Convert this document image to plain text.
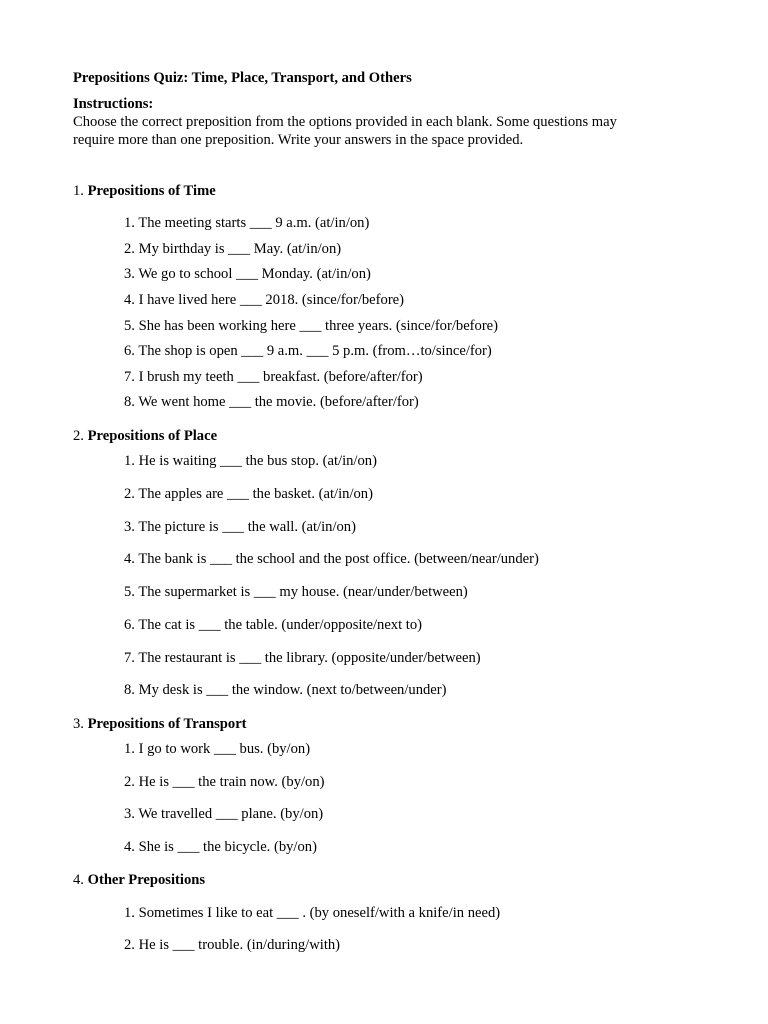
Prepositions Quiz: Time, Place, Transport, and Others
Instructions:
Choose the correct preposition from the options provided in each blank. Some questions may
require more than one preposition. Write your answers in the space provided.
1. Prepositions of Time
1. The meeting starts ___ 9 a.m. (at/in/on)
2. My birthday is ___ May. (at/in/on)
3. We go to school ___ Monday. (at/in/on)
4. I have lived here ___ 2018. (since/for/before)
5. She has been working here ___ three years. (since/for/before)
6. The shop is open ___ 9 a.m. ___ 5 p.m. (from…to/since/for)
7. I brush my teeth ___ breakfast. (before/after/for)
8. We went home ___ the movie. (before/after/for)
2. Prepositions of Place
1. He is waiting ___ the bus stop. (at/in/on)
2. The apples are ___ the basket. (at/in/on)
3. The picture is ___ the wall. (at/in/on)
4. The bank is ___ the school and the post office. (between/near/under)
5. The supermarket is ___ my house. (near/under/between)
6. The cat is ___ the table. (under/opposite/next to)
7. The restaurant is ___ the library. (opposite/under/between)
8. My desk is ___ the window. (next to/between/under)
3. Prepositions of Transport
1. I go to work ___ bus. (by/on)
2. He is ___ the train now. (by/on)
3. We travelled ___ plane. (by/on)
4. She is ___ the bicycle. (by/on)
4. Other Prepositions
1. Sometimes I like to eat ___ . (by oneself/with a knife/in need)
2. He is ___ trouble. (in/during/with)
